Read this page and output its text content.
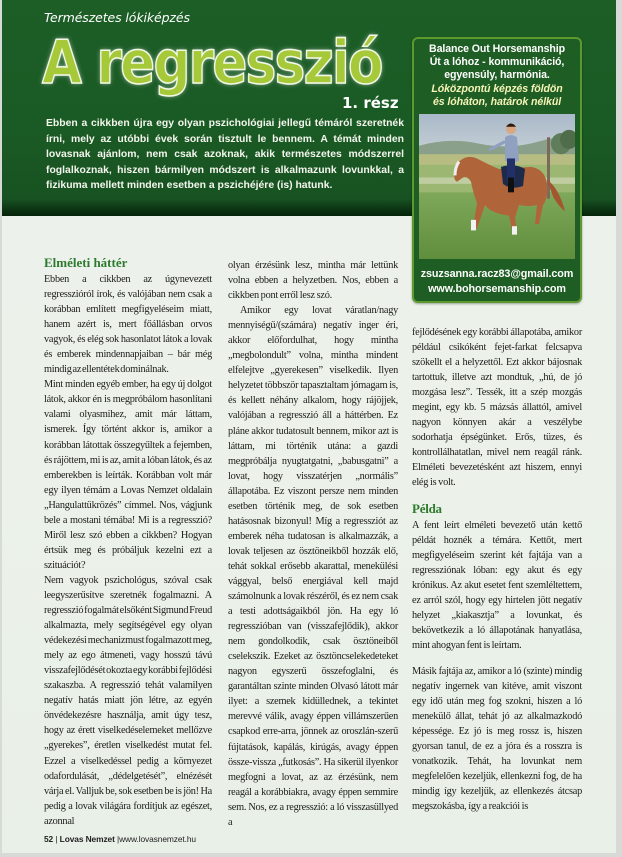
Természetes lókiképzés
A regresszió
1. rész
Ebben a cikkben újra egy olyan pszichológiai jellegű témáról szeretnék írni, mely az utóbbi évek során tisztult le bennem. A témát minden lovasnak ajánlom, nem csak azoknak, akik természetes módszerrel foglalkoznak, hiszen bármilyen módszert is alkalmazunk lovunkkal, a fizikuma mellett minden esetben a pszichéjére (is) hatunk.
Balance Out Horsemanship
Út a lóhoz - kommunikáció,
egyensúly, harmónia.
Lóközpontú képzés földön
és lóháton, határok nélkül
zsuzsanna.racz83@gmail.com
www.bohorsemanship.com
Elméleti háttér

Ebben a cikkben az úgynevezett regresszióról írok, és valójában nem csak a korábban említett megfigyeléseim miatt, hanem azért is, mert főállásban orvos vagyok, és elég sok hasonlatot látok a lovak és emberek mindennapjaiban – bár még mindig az ellentétek dominálnak.

Mint minden egyéb ember, ha egy új dolgot látok, akkor én is megpróbálom hasonlítani valami olyasmihez, amit már láttam, ismerek. Így történt akkor is, amikor a korábban látottak összegyűltek a fejemben, és rájöttem, mi is az, amit a lóban látok, és az emberekben is leírták. Korábban volt már egy ilyen témám a Lovas Nemzet oldalain „Hangulattükrözés” címmel. Nos, vágjunk bele a mostani témába! Mi is a regresszió? Miről lesz szó ebben a cikkben? Hogyan értsük meg és próbáljuk kezelni ezt a szituációt?

Nem vagyok pszichológus, szóval csak leegyszerűsítve szeretnék fogalmazni. A regresszió fogalmát elsőként Sigmund Freud alkalmazta, mely segítségével egy olyan védekezési mechanizmust fogalmazott meg, mely az ego átmeneti, vagy hosszú távú visszafejlődését okozta egy korábbi fejlődési szakaszba. A regresszió tehát valamilyen negatív hatás miatt jön létre, az egyén önvédekezésre használja, amit úgy tesz, hogy az érett viselkedéselemeket mellőzve „gyerekes”, éretlen viselkedést mutat fel. Ezzel a viselkedéssel pedig a környezet odafordulását, „dédelgetését”, elnézését várja el. Valljuk be, sok esetben be is jön! Ha pedig a lovak világára fordítjuk az egészet, azonnal

olyan érzésünk lesz, mintha már lettünk volna ebben a helyzetben. Nos, ebben a cikkben pont erről lesz szó.

Amikor egy lovat váratlan/nagy mennyiségű/(számára) negatív inger éri, akkor előfordulhat, hogy mintha „megbolondult” volna, mintha mindent elfelejtve „gyerekesen” viselkedik. Ilyen helyzetet többször tapasztaltam jómagam is, és kellett néhány alkalom, hogy rájöjjek, valójában a regresszió áll a háttérben. Ez pláne akkor tudatosult bennem, mikor azt is láttam, mi történik utána: a gazdi megpróbálja nyugtatgatni, „babusgatni” a lovat, hogy visszatérjen „normális” állapotába. Ez viszont persze nem minden esetben történik meg, de sok esetben hatásosnak bizonyul! Míg a regressziót az emberek néha tudatosan is alkalmazzák, a lovak teljesen az ösztöneikből hozzák elő, tehát sokkal erősebb akarattal, menekülési vággyal, belső energiával kell majd számolnunk a lovak részéről, és ez nem csak a testi adottságaikból jön. Ha egy ló regresszióban van (visszafejlődik), akkor nem gondolkodik, csak ösztöneiből cselekszik. Ezeket az ösztöncselekedeteket nagyon egyszerű összefoglalni, és garantáltan szinte minden Olvasó látott már ilyet: a szemek kidüllednek, a tekintet merevvé válik, avagy éppen villámszerűen csapkod erre-arra, jönnek az oroszlán-szerű fújtatások, kapálás, kirúgás, avagy éppen össze-vissza „futkosás”. Ha sikerül ilyenkor megfogni a lovat, az az érzésünk, nem reagál a korábbiakra, avagy éppen semmire sem. Nos, ez a regresszió: a ló visszasüllyed a

fejlődésének egy korábbi állapotába, amikor például csikóként fejet-farkat felcsapva szökellt el a helyzettől. Ezt akkor bájosnak tartottuk, illetve azt mondtuk, „hú, de jó mozgása lesz”. Tessék, itt a szép mozgás megint, egy kb. 5 mázsás állattól, amivel nagyon könnyen akár a veszélybe sodorhatja épségünket. Erős, tüzes, és kontrollálhatatlan, mivel nem reagál ránk. Elméleti bevezetésként azt hiszem, ennyi elég is volt.

Példa

A fent leírt elméleti bevezető után kettő példát hoznék a témára. Kettőt, mert megfigyeléseim szerint két fajtája van a regressziónak lóban: egy akut és egy krónikus. Az akut esetet fent szemléltettem, ez arról szól, hogy egy hirtelen jött negatív helyzet „kiakasztja” a lovunkat, és bekövetkezik a ló állapotának hanyatlása, mint ahogyan fent is leírtam.

Másik fajtája az, amikor a ló (szinte) mindig negatív ingernek van kitéve, amit viszont egy idő után meg fog szokni, hiszen a ló menekülő állat, tehát jó az alkalmazkodó képessége. Ez jó is meg rossz is, hiszen gyorsan tanul, de ez a jóra és a rosszra is vonatkozik. Tehát, ha lovunkat nem megfelelően kezeljük, ellenkezni fog, de ha mindig így kezeljük, az ellenkezés átcsap megszokásba, így a reakciói is

52 | Lovas Nemzet |www.lovasnemzet.hu
